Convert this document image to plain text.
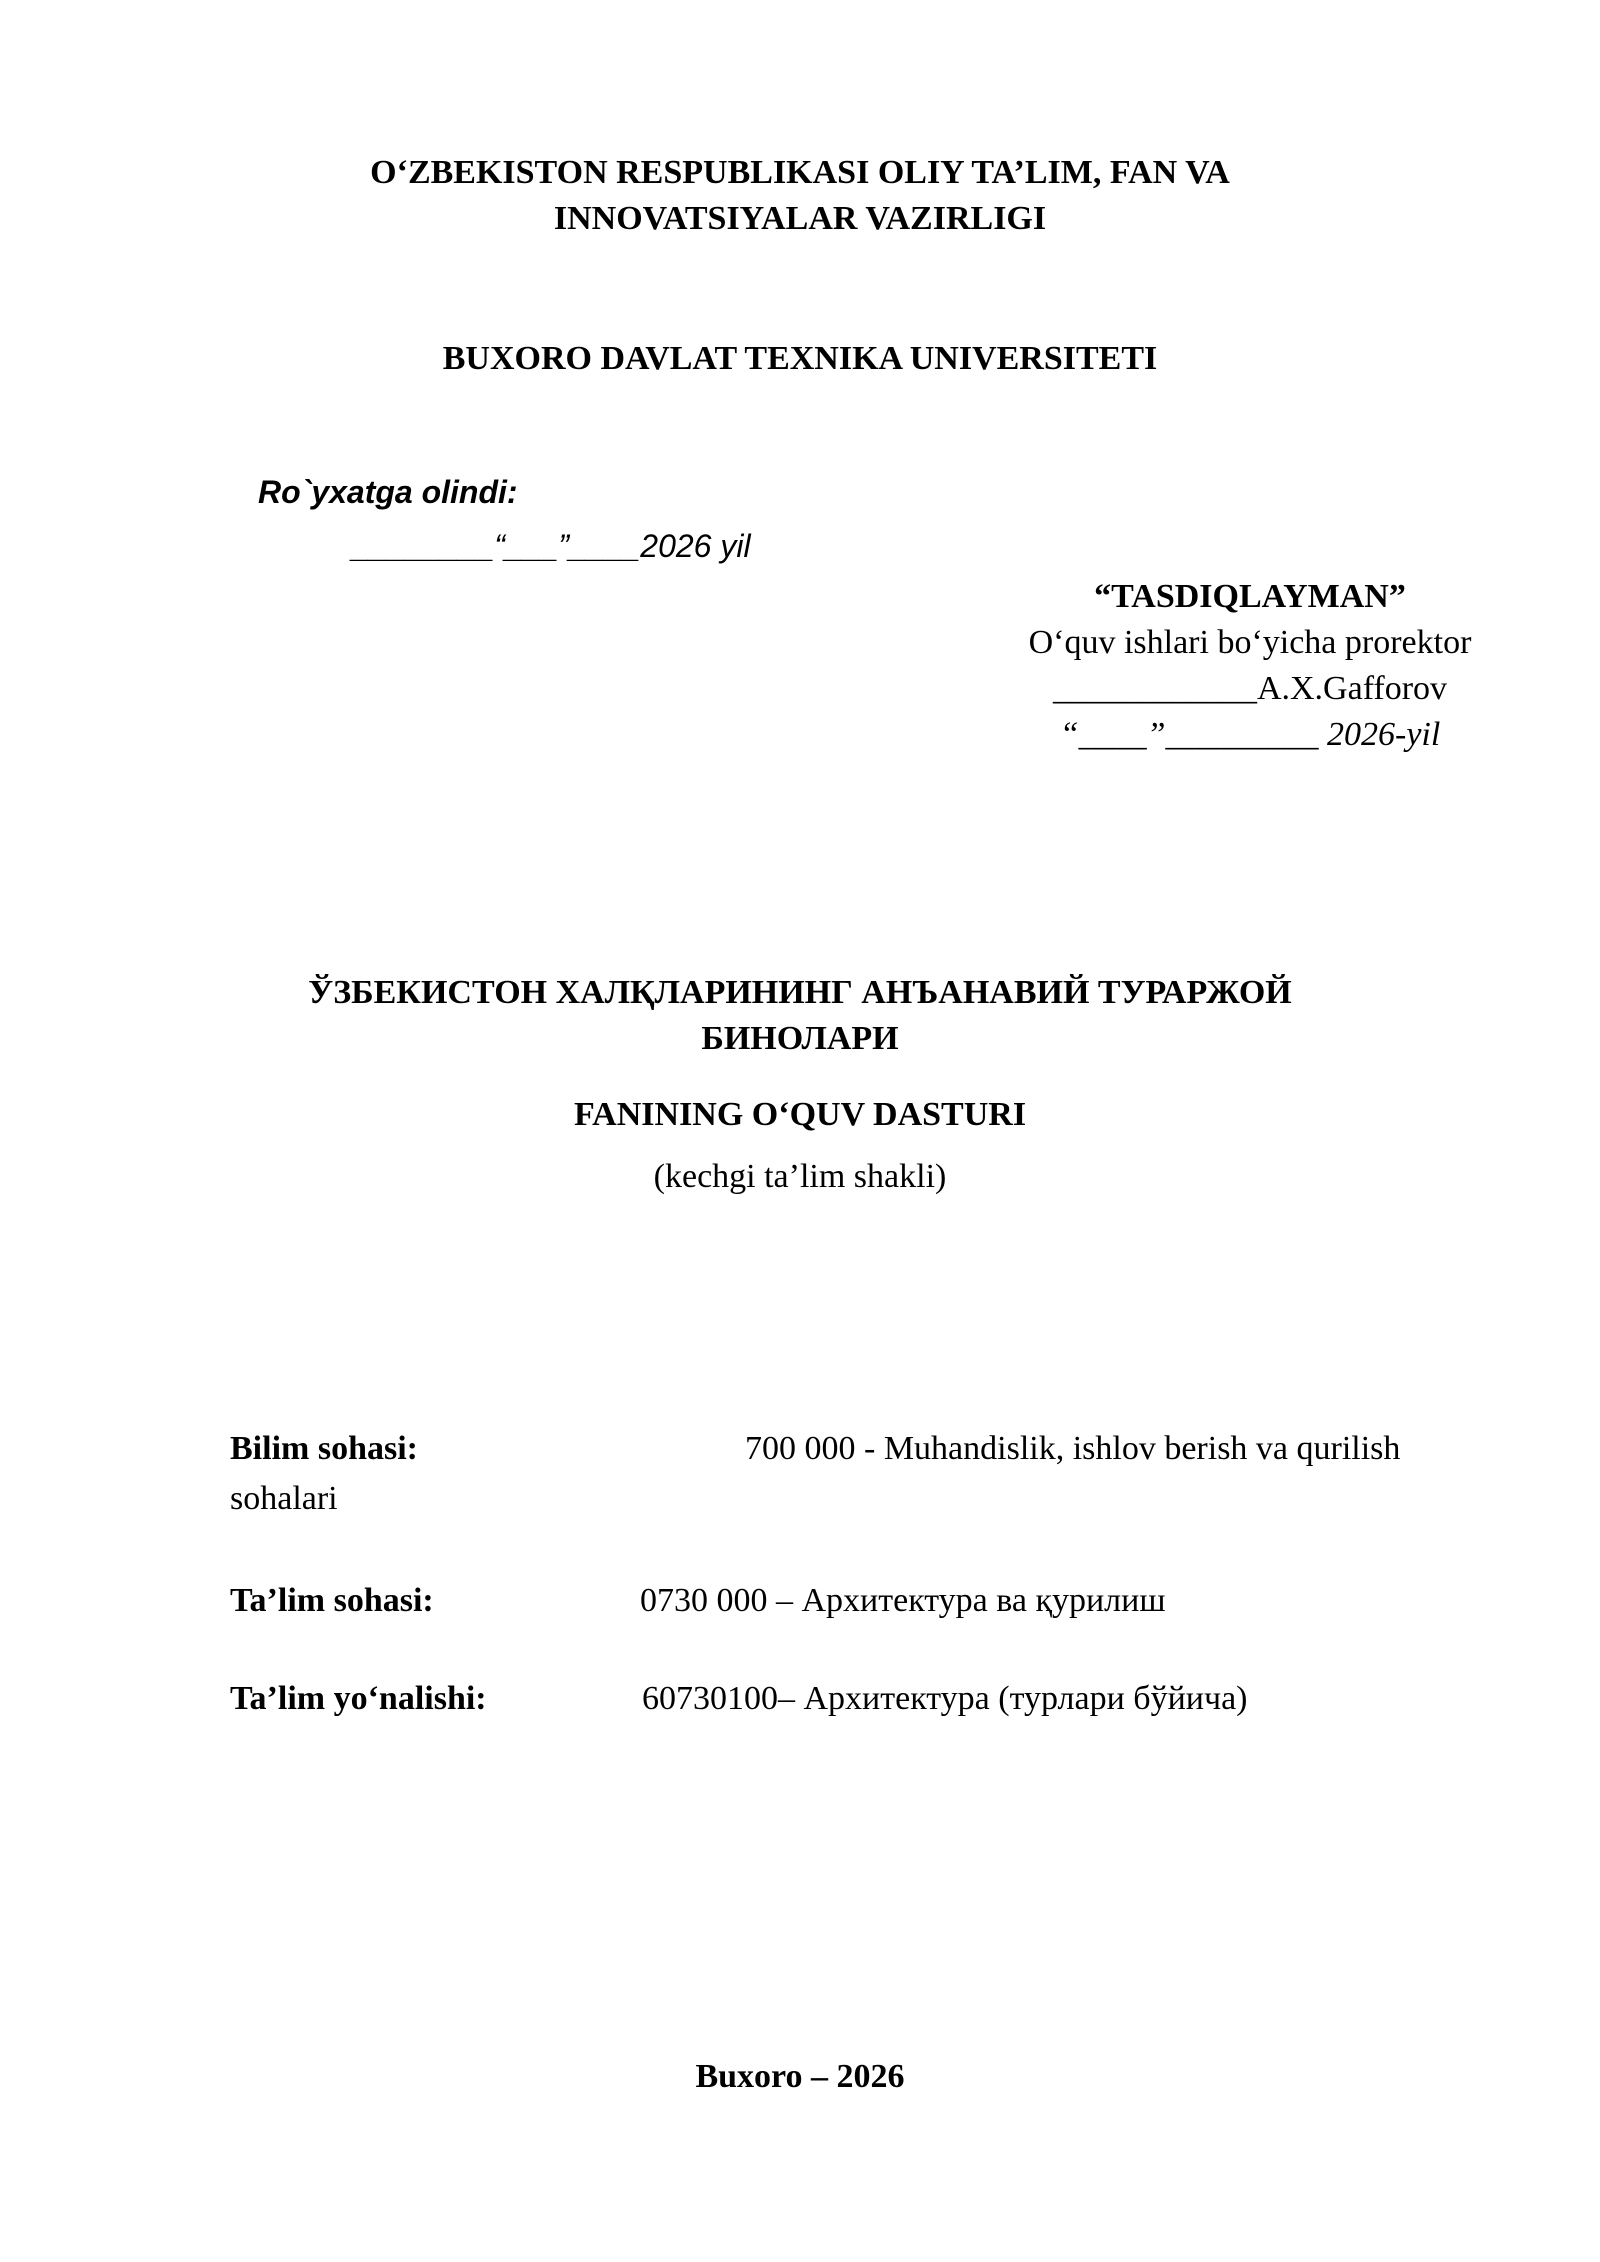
O‘ZBEKISTON RESPUBLIKASI OLIY TA’LIM, FAN VA
INNOVATSIYALAR VAZIRLIGI
BUXORO DAVLAT TEXNIKA UNIVERSITETI
Ro`yxatga olindi:
________“___”____2026 yil
“TASDIQLAYMAN”
O‘quv ishlari bo‘yicha prorektor
____________A.X.Gafforov
“____”_________ 2026-yil
ЎЗБЕКИСТОН ХАЛҚЛАРИНИНГ АНЪАНАВИЙ ТУРАРЖОЙ
БИНОЛАРИ
FANINING O‘QUV DASTURI
(kechgi ta’lim shakli)
Bilim sohasi:	700 000 - Muhandislik, ishlov berish va qurilish
sohalari
Ta’lim sohasi:	0730 000 – Архитектура ва қурилиш
Ta’lim yo‘nalishi:	60730100– Архитектура (турлари бўйича)
Buxoro – 2026
